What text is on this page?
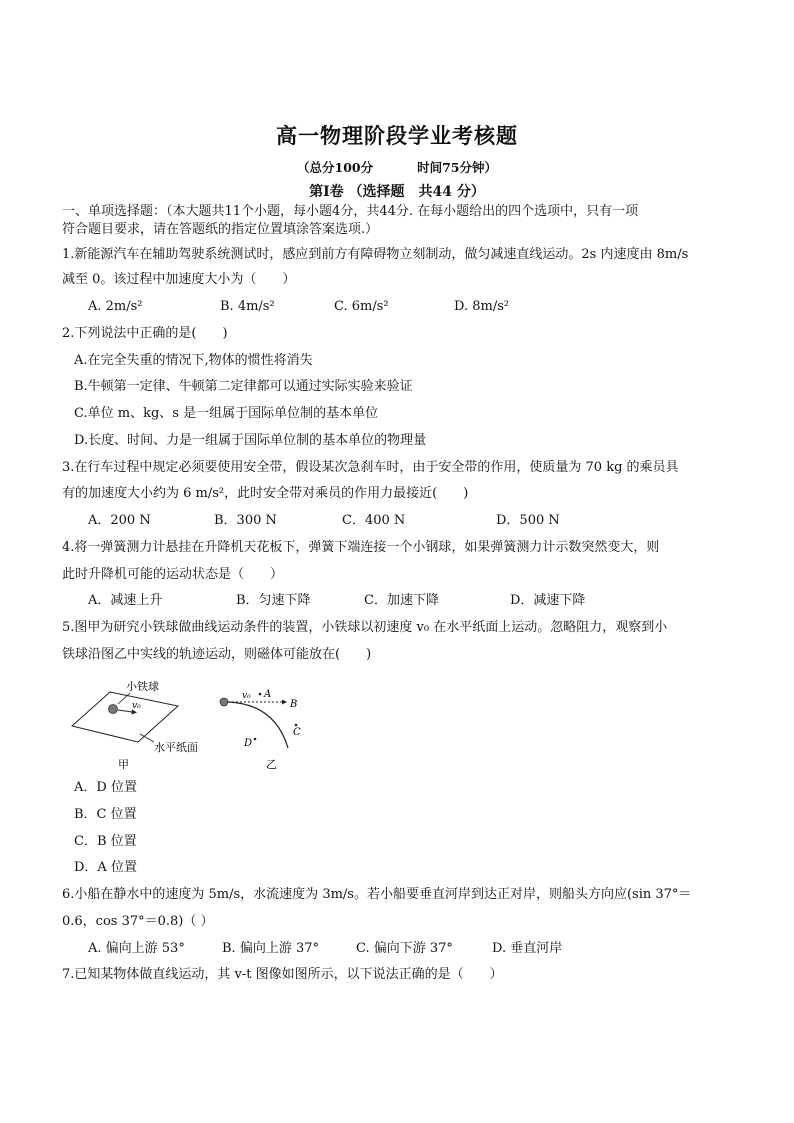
高一物理阶段学业考核题
（总分100分	时间75分钟）
第Ⅰ卷 （选择题　共44 分）
一、单项选择题：（本大题共11个小题，每小题4分，共44分. 在每小题给出的四个选项中，只有一项
符合题目要求，请在答题纸的指定位置填涂答案选项.）
1.新能源汽车在辅助驾驶系统测试时，感应到前方有障碍物立刻制动，做匀减速直线运动。2s 内速度由 8m/s
减至 0。该过程中加速度大小为（　　）
A. 2m/s²	B. 4m/s²	C. 6m/s²	D. 8m/s²
2.下列说法中正确的是(　　)
A.在完全失重的情况下,物体的惯性将消失
B.牛顿第一定律、牛顿第二定律都可以通过实际实验来验证
C.单位 m、kg、s 是一组属于国际单位制的基本单位
D.长度、时间、力是一组属于国际单位制的基本单位的物理量
3.在行车过程中规定必须要使用安全带，假设某次急刹车时，由于安全带的作用，使质量为 70 kg 的乘员具
有的加速度大小约为 6 m/s²，此时安全带对乘员的作用力最接近(　　)
A．200 N	B．300 N	C．400 N	D．500 N
4.将一弹簧测力计悬挂在升降机天花板下，弹簧下端连接一个小钢球，如果弹簧测力计示数突然变大，则
此时升降机可能的运动状态是（　　）
A．减速上升	B．匀速下降	C．加速下降	D．减速下降
5.图甲为研究小铁球做曲线运动条件的装置，小铁球以初速度 v₀ 在水平纸面上运动。忽略阻力，观察到小
铁球沿图乙中实线的轨迹运动，则磁体可能放在(　　)
小铁球
v₀
水平纸面
甲
v₀ A
B
C
D
乙
A．D 位置
B．C 位置
C．B 位置
D．A 位置
6.小船在静水中的速度为 5m/s，水流速度为 3m/s。若小船要垂直河岸到达正对岸，则船头方向应(sin 37°＝
0.6，cos 37°＝0.8)（ ）
A. 偏向上游 53°	B. 偏向上游 37°	C. 偏向下游 37°	D. 垂直河岸
7.已知某物体做直线运动，其 v-t 图像如图所示，以下说法正确的是（　　）
